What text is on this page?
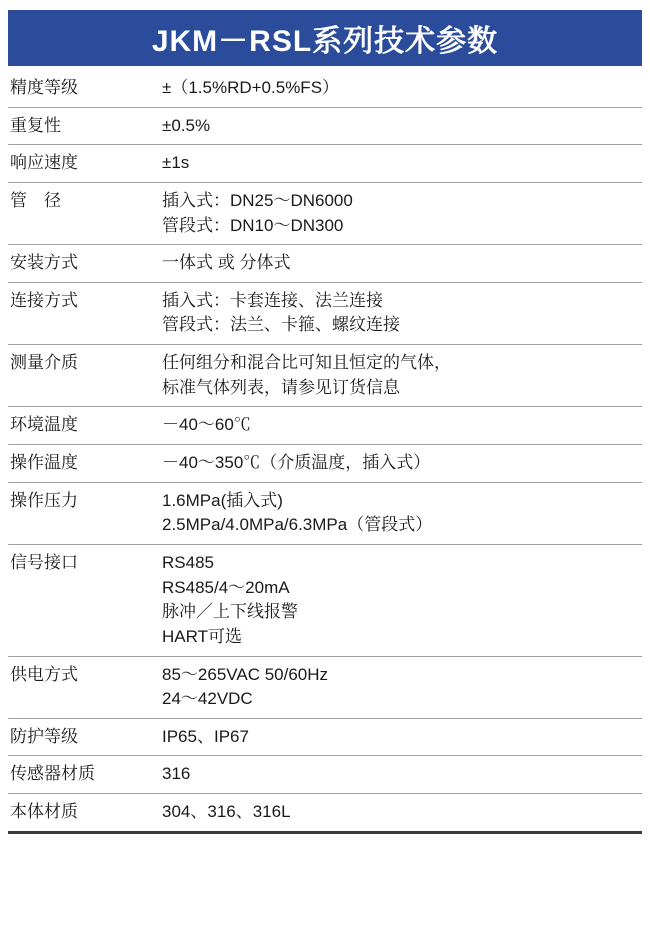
JKM－RSL系列技术参数
精度等级	±（1.5%RD+0.5%FS）

重复性	±0.5%

响应速度	±1s

管　径	插入式：DN25～DN6000
管段式：DN10～DN300

安装方式	一体式 或 分体式

连接方式	插入式：卡套连接、法兰连接
管段式：法兰、卡箍、螺纹连接

测量介质	任何组分和混合比可知且恒定的气体，
标准气体列表，请参见订货信息

环境温度	－40～60℃

操作温度	－40～350℃（介质温度，插入式）

操作压力	1.6MPa(插入式)
2.5MPa/4.0MPa/6.3MPa（管段式）

信号接口	RS485
RS485/4～20mA
脉冲／上下线报警
HART可选

供电方式	85～265VAC 50/60Hz
24～42VDC

防护等级	IP65、IP67

传感器材质	316

本体材质	304、316、316L
